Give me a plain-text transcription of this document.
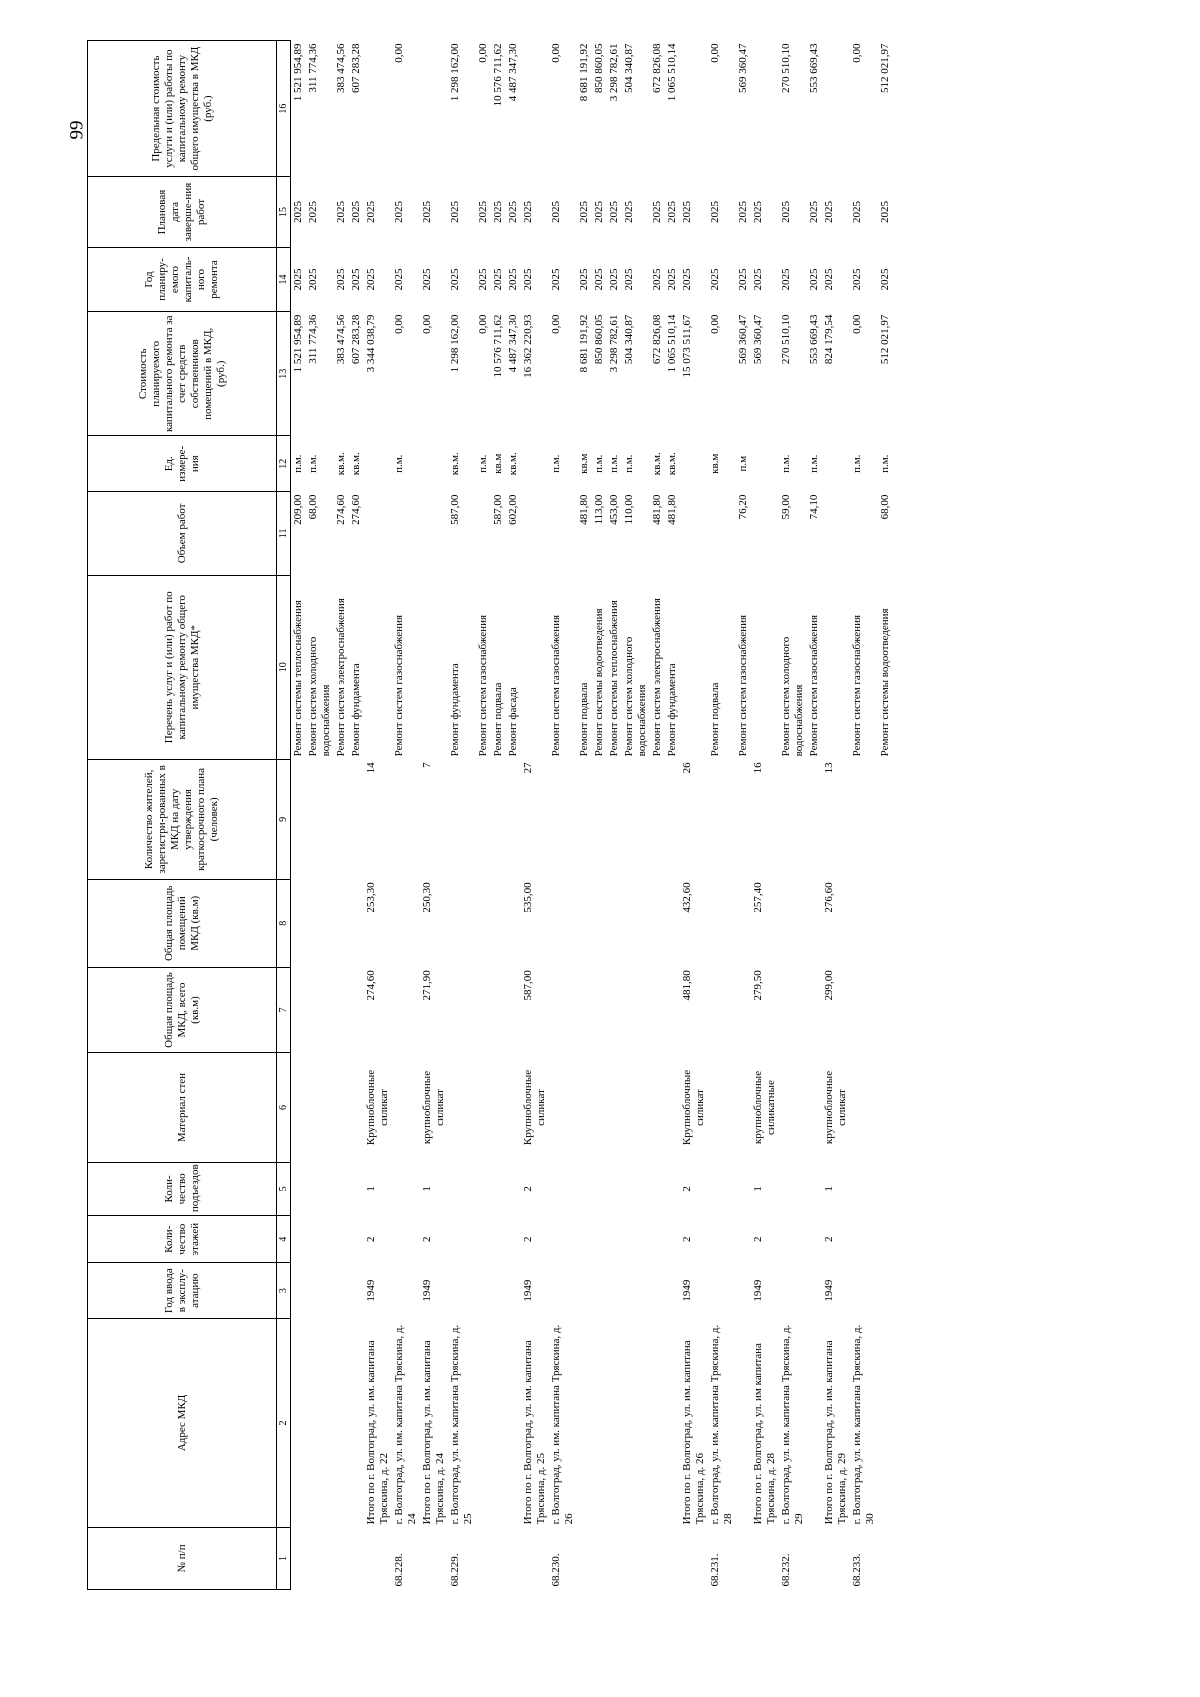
99
№ п/п	Адрес МКД	Год ввода в эксплу-атацию	Коли-чество этажей	Коли-чество подъездов	Материал стен	Общая площадь МКД, всего (кв.м)	Общая площадь помещений МКД (кв.м)	Количество жителей, зарегистри-рованных в МКД на дату утверждения краткосрочного плана (человек)	Перечень услуг и (или) работ по капитальному ремонту общего имущества МКД*	Объем работ	Ед. измере-ния	Стоимость планируемого капитального ремонта за счет средств собственников помещений в МКД, (руб.)	Год планиру-емого капиталь-ного ремонта	Плановая дата заверше-ния работ	Предельная стоимость услуги и (или) работы по капитальному ремонту общего имущества в МКД (руб.)
1	2	3	4	5	6	7	8	9	10	11	12	13	14	15	16
									Ремонт системы теплоснабжения	209,00	п.м.	1 521 954,89	2025	2025	1 521 954,89
									Ремонт систем холодного водоснабжения	68,00	п.м.	311 774,36	2025	2025	311 774,36
									Ремонт систем электроснабжения	274,60	кв.м.	383 474,56	2025	2025	383 474,56
									Ремонт фундамента	274,60	кв.м.	607 283,28	2025	2025	607 283,28
	Итого по г. Волгоград, ул. им. капитана Тряскина, д. 22	1949	2	1	Крупноблочные силикат	274,60	253,30	14				3 344 038,79	2025	2025	
68.228.	г. Волгоград, ул. им. капитана Тряскина, д. 24								Ремонт систем газоснабжения		п.м.	0,00	2025	2025	0,00
	Итого по г. Волгоград, ул. им. капитана Тряскина, д. 24	1949	2	1	крупноблочные силикат	271,90	250,30	7				0,00	2025	2025	
68.229.	г. Волгоград, ул. им. капитана Тряскина, д. 25								Ремонт фундамента	587,00	кв.м.	1 298 162,00	2025	2025	1 298 162,00
									Ремонт систем газоснабжения		п.м.	0,00	2025	2025	0,00
									Ремонт подвала	587,00	кв.м	10 576 711,62	2025	2025	10 576 711,62
									Ремонт фасада	602,00	кв.м.	4 487 347,30	2025	2025	4 487 347,30
	Итого по г. Волгоград, ул. им. капитана Тряскина, д. 25	1949	2	2	Крупноблочные силикат	587,00	535,00	27				16 362 220,93	2025	2025	
68.230.	г. Волгоград, ул. им. капитана Тряскина, д. 26								Ремонт систем газоснабжения		п.м.	0,00	2025	2025	0,00
									Ремонт подвала	481,80	кв.м	8 681 191,92	2025	2025	8 681 191,92
									Ремонт системы водоотведения	113,00	п.м.	850 860,05	2025	2025	850 860,05
									Ремонт системы теплоснабжения	453,00	п.м.	3 298 782,61	2025	2025	3 298 782,61
									Ремонт систем холодного водоснабжения	110,00	п.м.	504 340,87	2025	2025	504 340,87
									Ремонт систем электроснабжения	481,80	кв.м.	672 826,08	2025	2025	672 826,08
									Ремонт фундамента	481,80	кв.м.	1 065 510,14	2025	2025	1 065 510,14
	Итого по г. Волгоград, ул. им. капитана Тряскина, д. 26	1949	2	2	Крупноблочные силикат	481,80	432,60	26				15 073 511,67	2025	2025	
68.231.	г. Волгоград, ул. им. капитана Тряскина, д. 28								Ремонт подвала		кв.м	0,00	2025	2025	0,00
									Ремонт систем газоснабжения	76,20	п.м	569 360,47	2025	2025	569 360,47
	Итого по г. Волгоград, ул. им капитана Тряскина, д. 28	1949	2	1	крупноблочные силикатные	279,50	257,40	16				569 360,47	2025	2025	
68.232.	г. Волгоград, ул. им. капитана Тряскина, д. 29								Ремонт систем холодного водоснабжения	59,00	п.м.	270 510,10	2025	2025	270 510,10
									Ремонт систем газоснабжения	74,10	п.м.	553 669,43	2025	2025	553 669,43
	Итого по г. Волгоград, ул. им. капитана Тряскина, д. 29	1949	2	1	крупноблочные силикат	299,00	276,60	13				824 179,54	2025	2025	
68.233.	г. Волгоград, ул. им. капитана Тряскина, д. 30								Ремонт систем газоснабжения		п.м.	0,00	2025	2025	0,00
									Ремонт системы водоотведения	68,00	п.м.	512 021,97	2025	2025	512 021,97
